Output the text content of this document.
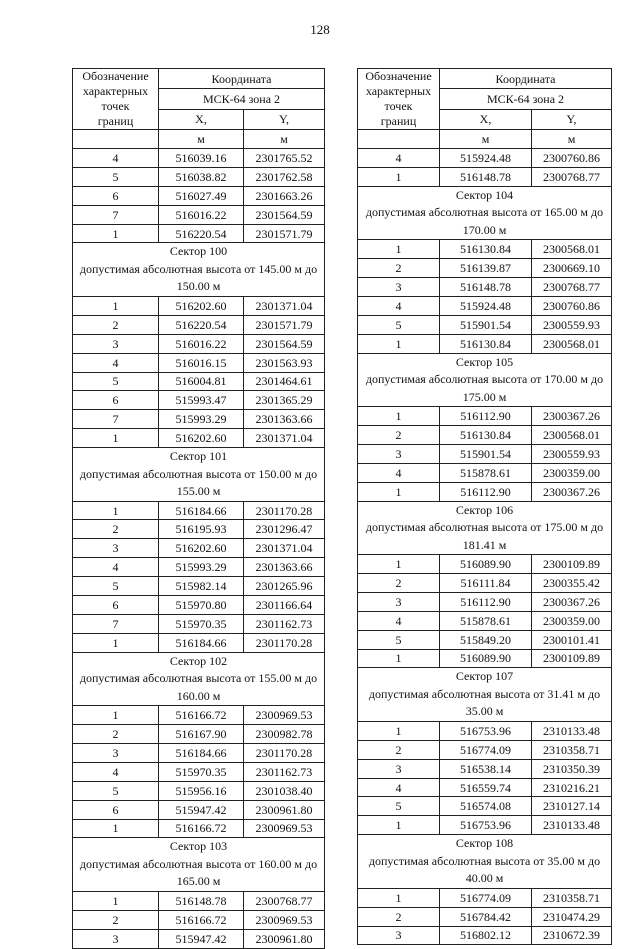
128
Обозначение
характерных
точек
границ	Координата	
	МСК-64 зона 2	
	X,	Y,
	м	м
4	516039.16	2301765.52
5	516038.82	2301762.58
6	516027.49	2301663.26
7	516016.22	2301564.59
1	516220.54	2301571.79

Сектор 100
допустимая абсолютная высота от 145.00 м до 150.00 м		

1	516202.60	2301371.04
2	516220.54	2301571.79
3	516016.22	2301564.59
4	516016.15	2301563.93
5	516004.81	2301464.61
6	515993.47	2301365.29
7	515993.29	2301363.66
1	516202.60	2301371.04

Сектор 101
допустимая абсолютная высота от 150.00 м до 155.00 м		

1	516184.66	2301170.28
2	516195.93	2301296.47
3	516202.60	2301371.04
4	515993.29	2301363.66
5	515982.14	2301265.96
6	515970.80	2301166.64
7	515970.35	2301162.73
1	516184.66	2301170.28

Сектор 102
допустимая абсолютная высота от 155.00 м до 160.00 м		

1	516166.72	2300969.53
2	516167.90	2300982.78
3	516184.66	2301170.28
4	515970.35	2301162.73
5	515956.16	2301038.40
6	515947.42	2300961.80
1	516166.72	2300969.53

Сектор 103
допустимая абсолютная высота от 160.00 м до 165.00 м		

1	516148.78	2300768.77
2	516166.72	2300969.53
3	515947.42	2300961.80
Обозначение
характерных
точек
границ	Координата	
	МСК-64 зона 2	
	X,	Y,
	м	м
4	515924.48	2300760.86
1	516148.78	2300768.77

Сектор 104
допустимая абсолютная высота от 165.00 м до 170.00 м		

1	516130.84	2300568.01
2	516139.87	2300669.10
3	516148.78	2300768.77
4	515924.48	2300760.86
5	515901.54	2300559.93
1	516130.84	2300568.01

Сектор 105
допустимая абсолютная высота от 170.00 м до 175.00 м		

1	516112.90	2300367.26
2	516130.84	2300568.01
3	515901.54	2300559.93
4	515878.61	2300359.00
1	516112.90	2300367.26

Сектор 106
допустимая абсолютная высота от 175.00 м до 181.41 м		

1	516089.90	2300109.89
2	516111.84	2300355.42
3	516112.90	2300367.26
4	515878.61	2300359.00
5	515849.20	2300101.41
1	516089.90	2300109.89

Сектор 107
допустимая абсолютная высота от 31.41 м до 35.00 м		

1	516753.96	2310133.48
2	516774.09	2310358.71
3	516538.14	2310350.39
4	516559.74	2310216.21
5	516574.08	2310127.14
1	516753.96	2310133.48

Сектор 108
допустимая абсолютная высота от 35.00 м до 40.00 м		

1	516774.09	2310358.71
2	516784.42	2310474.29
3	516802.12	2310672.39
